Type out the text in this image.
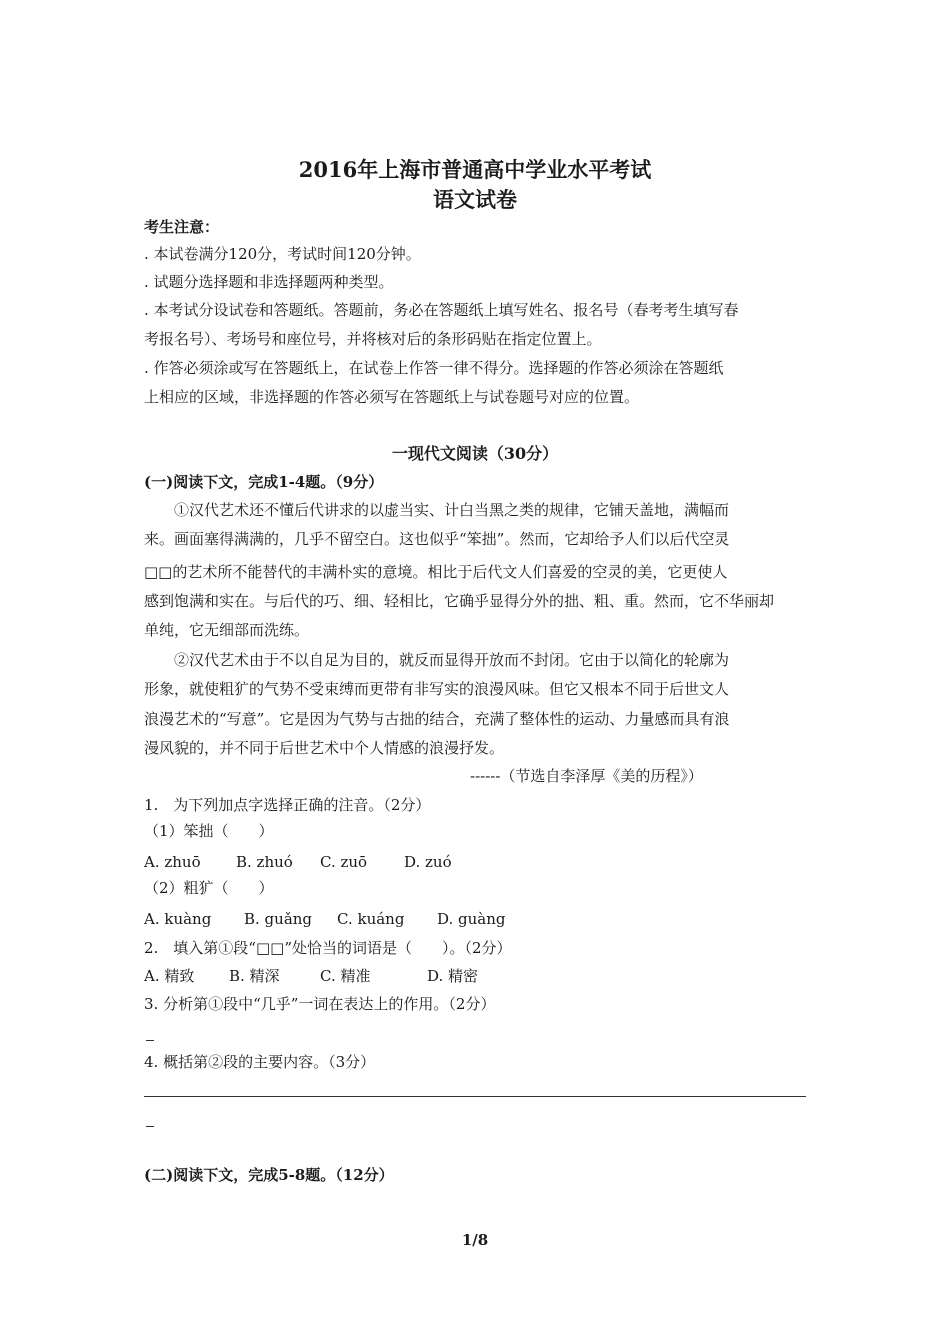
2016年上海市普通高中学业水平考试
语文试卷
考生注意：
. 本试卷满分120分，考试时间120分钟。
. 试题分选择题和非选择题两种类型。
. 本考试分设试卷和答题纸。答题前，务必在答题纸上填写姓名、报名号（春考考生填写春
考报名号）、考场号和座位号，并将核对后的条形码贴在指定位置上。
. 作答必须涂或写在答题纸上，在试卷上作答一律不得分。选择题的作答必须涂在答题纸
上相应的区域，非选择题的作答必须写在答题纸上与试卷题号对应的位置。
一现代文阅读（30分）
(一)阅读下文，完成1-4题。（9分）
①汉代艺术还不懂后代讲求的以虚当实、计白当黑之类的规律，它铺天盖地，满幅而
来。画面塞得满满的，几乎不留空白。这也似乎“笨拙”。然而，它却给予人们以后代空灵
□□的艺术所不能替代的丰满朴实的意境。相比于后代文人们喜爱的空灵的美，它更使人
感到饱满和实在。与后代的巧、细、轻相比，它确乎显得分外的拙、粗、重。然而，它不华丽却
单纯，它无细部而洗练。
②汉代艺术由于不以自足为目的，就反而显得开放而不封闭。它由于以简化的轮廓为
形象，就使粗犷的气势不受束缚而更带有非写实的浪漫风味。但它又根本不同于后世文人
浪漫艺术的“写意”。它是因为气势与古拙的结合，充满了整体性的运动、力量感而具有浪
漫风貌的，并不同于后世艺术中个人情感的浪漫抒发。
------（节选自李泽厚《美的历程》）
1.　为下列加点字选择正确的注音。（2分）
（1）笨拙（　　）
A. zhuō B. zhuó C. zuō D. zuó
（2）粗犷（　　）
A. kuàng B. guǎng C. kuáng D. guàng
2.　填入第①段“□□”处恰当的词语是（　　）。（2分）
A. 精致 B. 精深	C. 精准	D. 精密
3. 分析第①段中“几乎”一词在表达上的作用。（2分）
4. 概括第②段的主要内容。（3分）
(二)阅读下文，完成5-8题。（12分）
1/8
